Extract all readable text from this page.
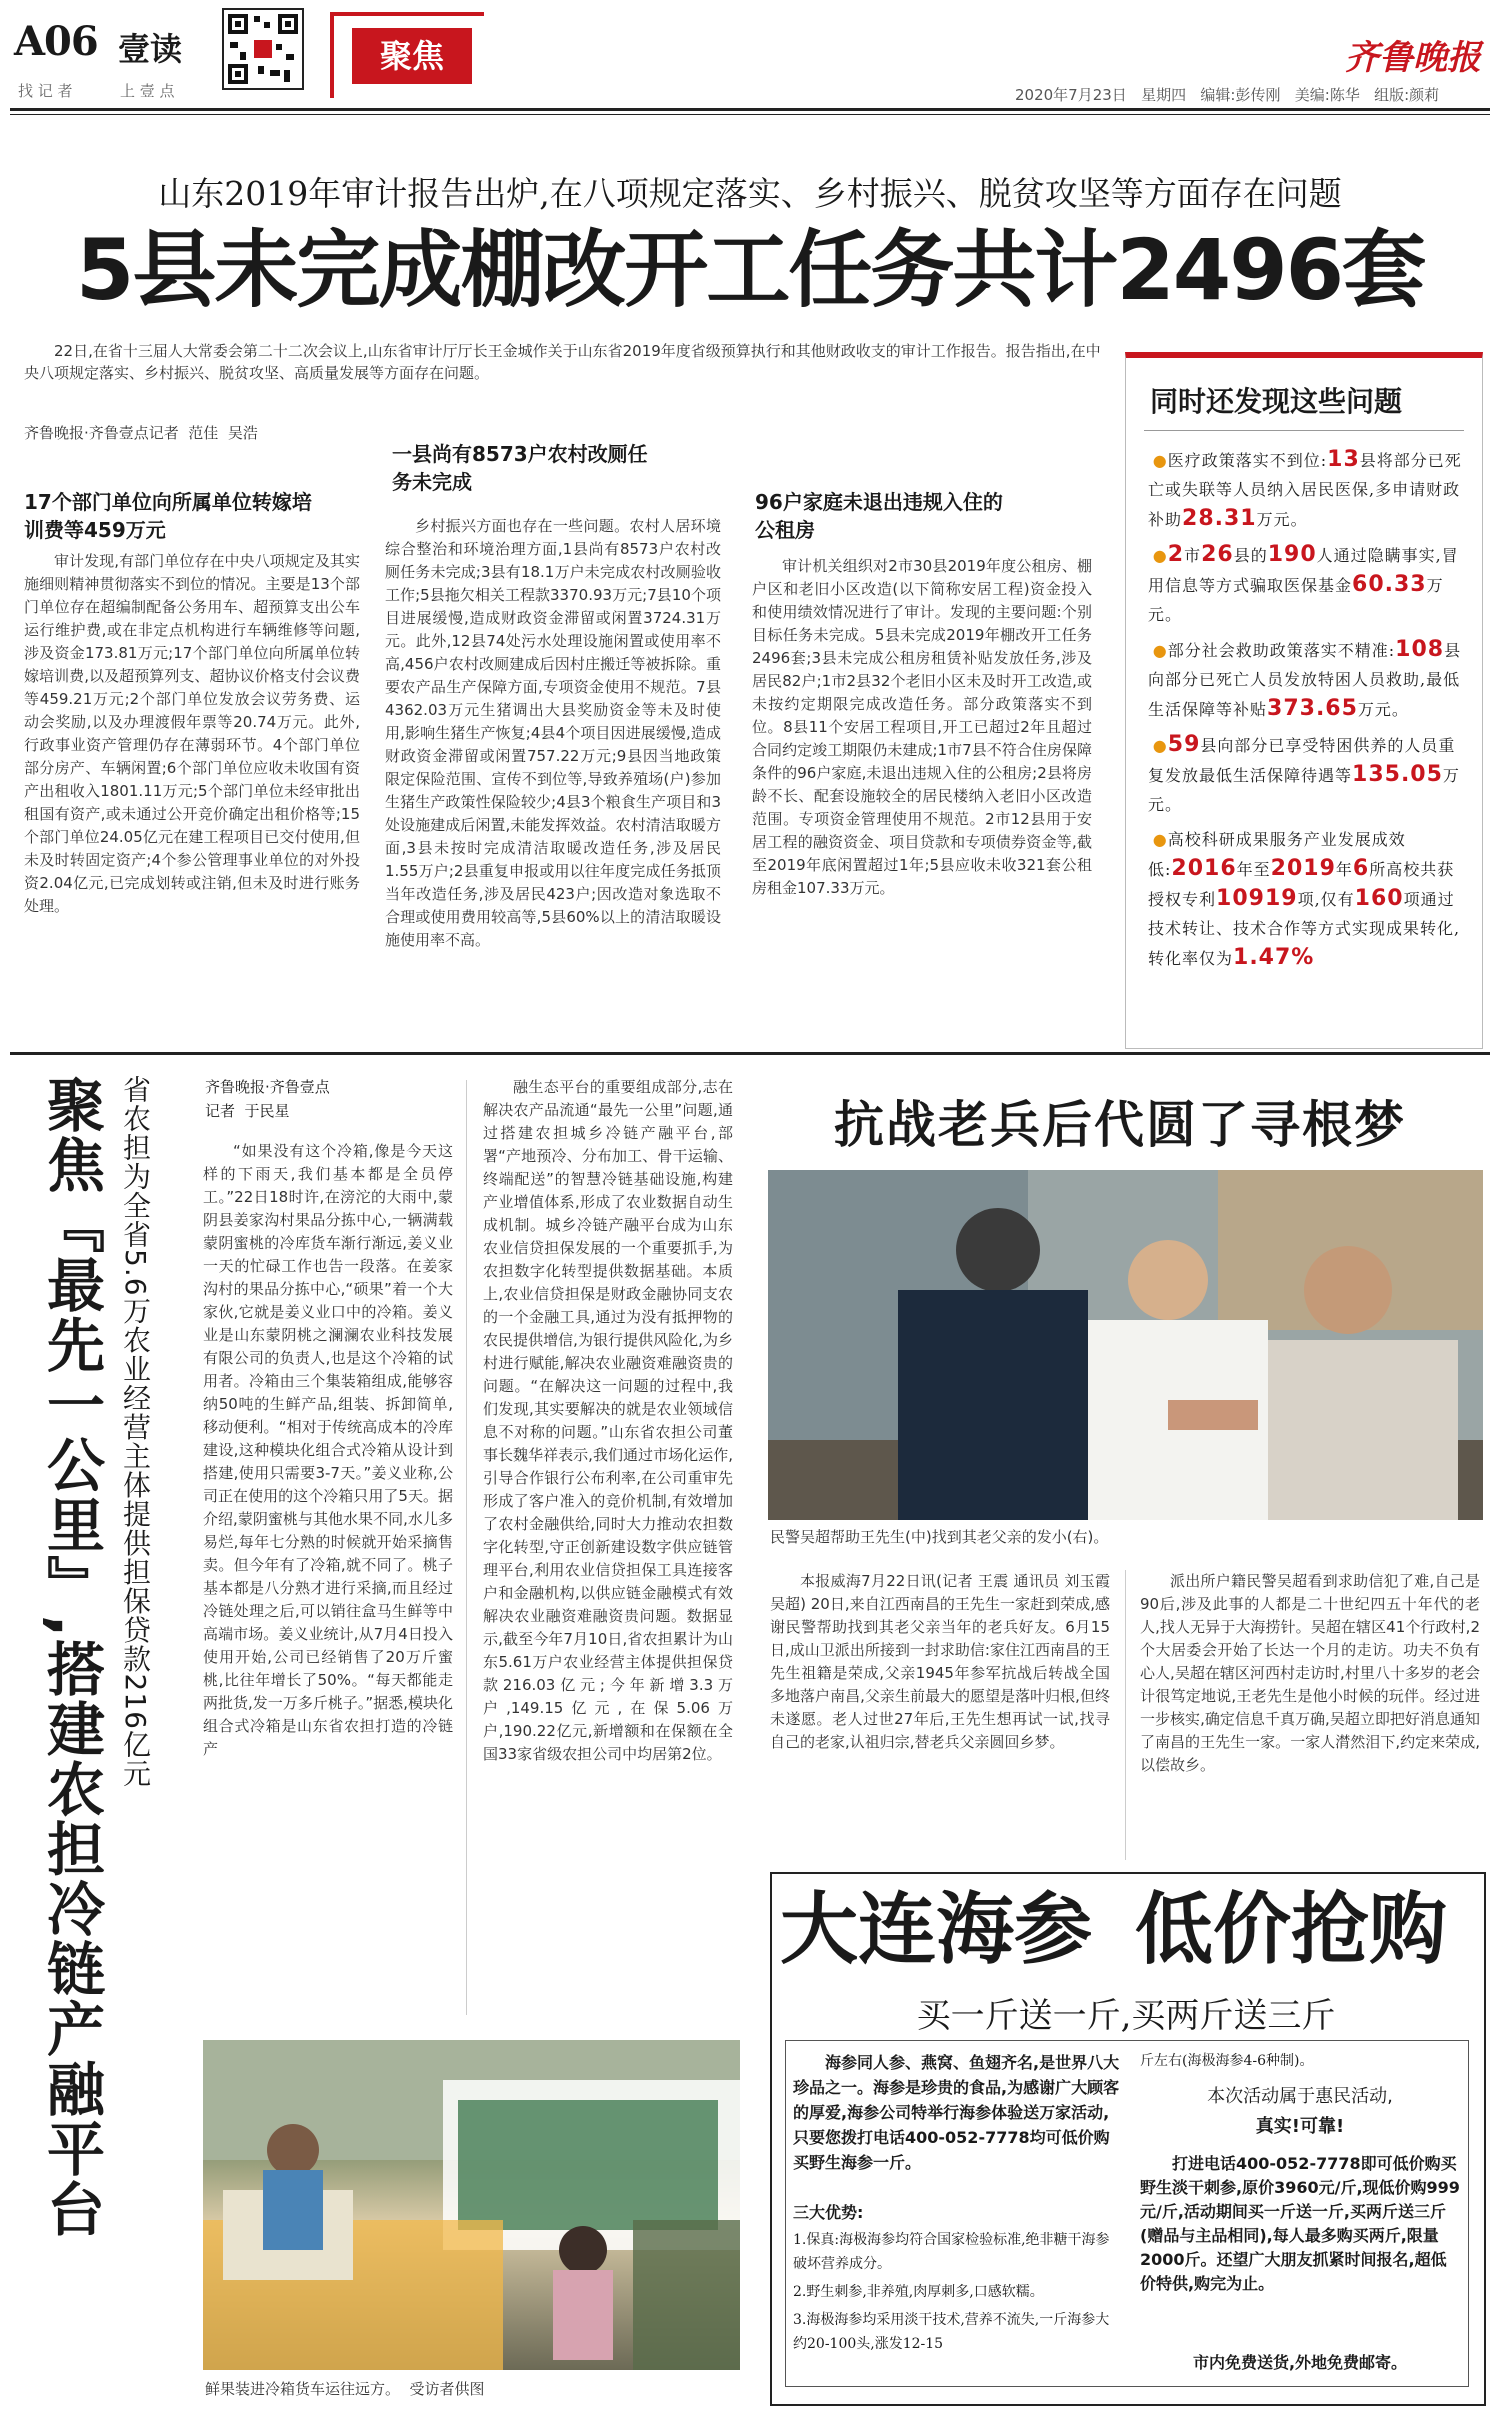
A06 壹读
找 记 者	上 壹 点
聚焦	齐鲁晚报
2020年7月23日   星期四   编辑:彭传刚   美编:陈华   组版:颜莉
山东2019年审计报告出炉,在八项规定落实、乡村振兴、脱贫攻坚等方面存在问题
5县未完成棚改开工任务共计2496套
22日,在省十三届人大常委会第二十二次会议上,山东省审计厅厅长王金城作关于山东省2019年度省级预算执行和其他财政收支的审计工作报告。报告指出,在中央八项规定落实、乡村振兴、脱贫攻坚、高质量发展等方面存在问题。
齐鲁晚报·齐鲁壹点记者  范佳  吴浩
17个部门单位向所属单位转嫁培训费等459万元
审计发现,有部门单位存在中央八项规定及其实施细则精神贯彻落实不到位的情况。主要是13个部门单位存在超编制配备公务用车、超预算支出公车运行维护费,或在非定点机构进行车辆维修等问题,涉及资金173.81万元;17个部门单位向所属单位转嫁培训费,以及超预算列支、超协议价格支付会议费等459.21万元;2个部门单位发放会议劳务费、运动会奖励,以及办理渡假年票等20.74万元。此外,行政事业资产管理仍存在薄弱环节。4个部门单位部分房产、车辆闲置;6个部门单位应收未收国有资产出租收入1801.11万元;5个部门单位未经审批出租国有资产,或未通过公开竞价确定出租价格等;15个部门单位24.05亿元在建工程项目已交付使用,但未及时转固定资产;4个参公管理事业单位的对外投资2.04亿元,已完成划转或注销,但未及时进行账务处理。
一县尚有8573户农村改厕任务未完成
乡村振兴方面也存在一些问题。农村人居环境综合整治和环境治理方面,1县尚有8573户农村改厕任务未完成;3县有18.1万户未完成农村改厕验收工作;5县拖欠相关工程款3370.93万元;7县10个项目进展缓慢,造成财政资金滞留或闲置3724.31万元。此外,12县74处污水处理设施闲置或使用率不高,456户农村改厕建成后因村庄搬迁等被拆除。重要农产品生产保障方面,专项资金使用不规范。7县4362.03万元生猪调出大县奖励资金等未及时使用,影响生猪生产恢复;4县4个项目因进展缓慢,造成财政资金滞留或闲置757.22万元;9县因当地政策限定保险范围、宣传不到位等,导致养殖场(户)参加生猪生产政策性保险较少;4县3个粮食生产项目和3处设施建成后闲置,未能发挥效益。农村清洁取暖方面,3县未按时完成清洁取暖改造任务,涉及居民1.55万户;2县重复申报或用以往年度完成任务抵顶当年改造任务,涉及居民423户;因改造对象选取不合理或使用费用较高等,5县60%以上的清洁取暖设施使用率不高。
96户家庭未退出违规入住的公租房
审计机关组织对2市30县2019年度公租房、棚户区和老旧小区改造(以下简称安居工程)资金投入和使用绩效情况进行了审计。发现的主要问题:个别目标任务未完成。5县未完成2019年棚改开工任务2496套;3县未完成公租房租赁补贴发放任务,涉及居民82户;1市2县32个老旧小区未及时开工改造,或未按约定期限完成改造任务。部分政策落实不到位。8县11个安居工程项目,开工已超过2年且超过合同约定竣工期限仍未建成;1市7县不符合住房保障条件的96户家庭,未退出违规入住的公租房;2县将房龄不长、配套设施较全的居民楼纳入老旧小区改造范围。专项资金管理使用不规范。2市12县用于安居工程的融资资金、项目贷款和专项债券资金等,截至2019年底闲置超过1年;5县应收未收321套公租房租金107.33万元。
同时还发现这些问题
●医疗政策落实不到位:13县将部分已死亡或失联等人员纳入居民医保,多申请财政补助28.31万元。
●2市26县的190人通过隐瞒事实,冒用信息等方式骗取医保基金60.33万元。
●部分社会救助政策落实不精准:108县向部分已死亡人员发放特困人员救助,最低生活保障等补贴373.65万元。
●59县向部分已享受特困供养的人员重复发放最低生活保障待遇等135.05万元。
●高校科研成果服务产业发展成效低:2016年至2019年6所高校共获授权专利10919项,仅有160项通过技术转让、技术合作等方式实现成果转化,转化率仅为1.47%
聚焦『最先一公里』,搭建农担冷链产融平台 省农担为全省5.6万农业经营主体提供担保贷款216亿元	齐鲁晚报·齐鲁壹点
记者  于民星
“如果没有这个冷箱,像是今天这样的下雨天,我们基本都是全员停工。”22日18时许,在滂沱的大雨中,蒙阴县姜家沟村果品分拣中心,一辆满载蒙阴蜜桃的冷库货车渐行渐远,姜义业一天的忙碌工作也告一段落。在姜家沟村的果品分拣中心,“硕果”着一个大家伙,它就是姜义业口中的冷箱。姜义业是山东蒙阴桃之澜澜农业科技发展有限公司的负责人,也是这个冷箱的试用者。冷箱由三个集装箱组成,能够容纳50吨的生鲜产品,组装、拆卸简单,移动便利。“相对于传统高成本的冷库建设,这种模块化组合式冷箱从设计到搭建,使用只需要3-7天。”姜义业称,公司正在使用的这个冷箱只用了5天。据介绍,蒙阴蜜桃与其他水果不同,水儿多易烂,每年七分熟的时候就开始采摘售卖。但今年有了冷箱,就不同了。桃子基本都是八分熟才进行采摘,而且经过冷链处理之后,可以销往盒马生鲜等中高端市场。姜义业统计,从7月4日投入使用开始,公司已经销售了20万斤蜜桃,比往年增长了50%。“每天都能走两批货,发一万多斤桃子。”据悉,模块化组合式冷箱是山东省农担打造的冷链产
融生态平台的重要组成部分,志在解决农产品流通“最先一公里”问题,通过搭建农担城乡冷链产融平台,部署“产地预冷、分布加工、骨干运输、终端配送”的智慧冷链基础设施,构建产业增值体系,形成了农业数据自动生成机制。城乡冷链产融平台成为山东农业信贷担保发展的一个重要抓手,为农担数字化转型提供数据基础。本质上,农业信贷担保是财政金融协同支农的一个金融工具,通过为没有抵押物的农民提供增信,为银行提供风险化,为乡村进行赋能,解决农业融资难融资贵的问题。“在解决这一问题的过程中,我们发现,其实要解决的就是农业领域信息不对称的问题。”山东省农担公司董事长魏华祥表示,我们通过市场化运作,引导合作银行公布利率,在公司重审先形成了客户准入的竞价机制,有效增加了农村金融供给,同时大力推动农担数字化转型,守正创新建设数字供应链管理平台,利用农业信贷担保工具连接客户和金融机构,以供应链金融模式有效解决农业融资难融资贵问题。数据显示,截至今年7月10日,省农担累计为山东5.61万户农业经营主体提供担保贷款216.03亿元;今年新增3.3万户,149.15亿元,在保5.06万户,190.22亿元,新增额和在保额在全国33家省级农担公司中均居第2位。
鲜果装进冷箱货车运往远方。  受访者供图
抗战老兵后代圆了寻根梦
民警吴超帮助王先生(中)找到其老父亲的发小(右)。
本报威海7月22日讯(记者 王震 通讯员 刘玉霞 吴超) 20日,来自江西南昌的王先生一家赶到荣成,感谢民警帮助找到其老父亲当年的老兵好友。6月15日,成山卫派出所接到一封求助信:家住江西南昌的王先生祖籍是荣成,父亲1945年参军抗战后转战全国多地落户南昌,父亲生前最大的愿望是落叶归根,但终未遂愿。老人过世27年后,王先生想再试一试,找寻自己的老家,认祖归宗,替老兵父亲圆回乡梦。
派出所户籍民警吴超看到求助信犯了难,自己是90后,涉及此事的人都是二十世纪四五十年代的老人,找人无异于大海捞针。吴超在辖区41个行政村,2个大居委会开始了长达一个月的走访。功夫不负有心人,吴超在辖区河西村走访时,村里八十多岁的老会计很笃定地说,王老先生是他小时候的玩伴。经过进一步核实,确定信息千真万确,吴超立即把好消息通知了南昌的王先生一家。一家人潸然泪下,约定来荣成,以偿故乡。
大连海参 低价抢购
买一斤送一斤,买两斤送三斤
海参同人参、燕窝、鱼翅齐名,是世界八大珍品之一。海参是珍贵的食品,为感谢广大顾客的厚爱,海参公司特举行海参体验送万家活动,只要您拨打电话400-052-7778均可低价购买野生海参一斤。
三大优势:
1.保真:海极海参均符合国家检验标准,绝非糖干海参破坏营养成分。
2.野生刺参,非养殖,肉厚刺多,口感软糯。
3.海极海参均采用淡干技术,营养不流失,一斤海参大约20-100头,涨发12-15
斤左右(海极海参4-6种制)。
本次活动属于惠民活动,
真实!可靠!
打进电话400-052-7778即可低价购买野生淡干刺参,原价3960元/斤,现低价购999元/斤,活动期间买一斤送一斤,买两斤送三斤(赠品与主品相同),每人最多购买两斤,限量2000斤。还望广大朋友抓紧时间报名,超低价特供,购完为止。
市内免费送货,外地免费邮寄。
